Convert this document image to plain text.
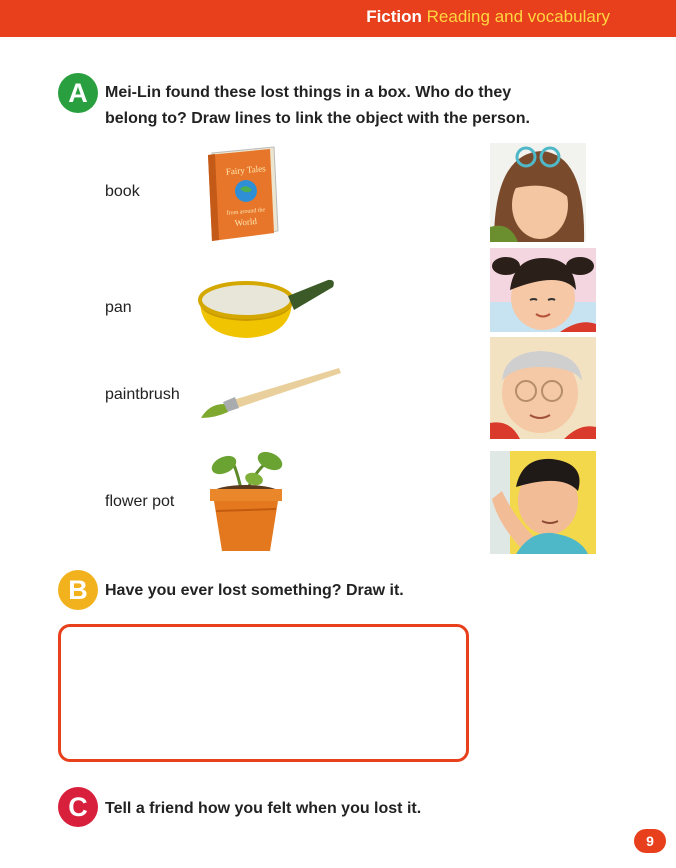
Fiction Reading and vocabulary
A	Mei-Lin found these lost things in a box. Who do they
belong to? Draw lines to link the object with the person.
book
pan
paintbrush
flower pot
Fairy Tales
from around the
World
B	Have you ever lost something? Draw it.
C	Tell a friend how you felt when you lost it.
9
